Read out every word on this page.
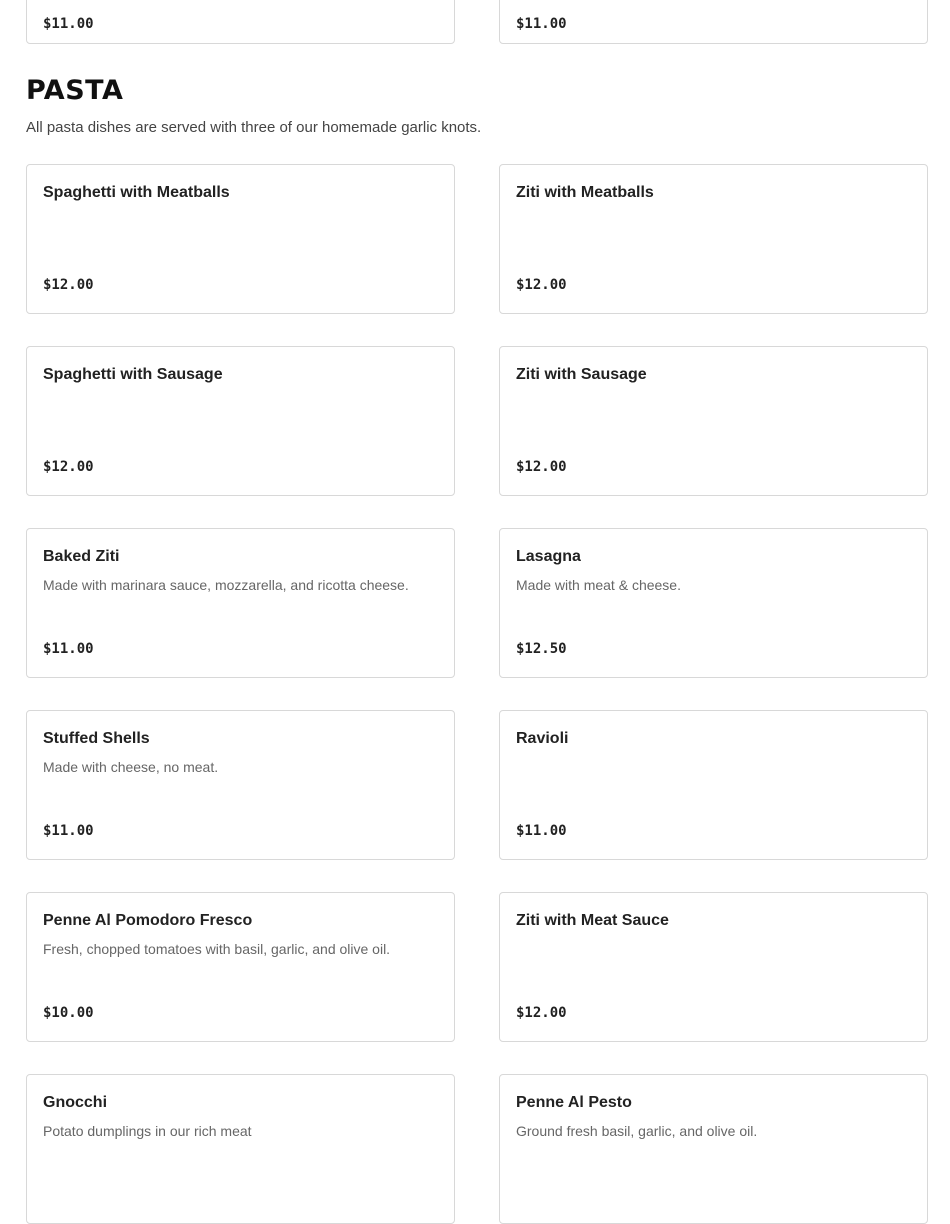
$11.00	$11.00
PASTA

All pasta dishes are served with three of our homemade garlic knots.

Spaghetti with Meatballs
$12.00
Ziti with Meatballs
$12.00
Spaghetti with Sausage
$12.00
Ziti with Sausage
$12.00
Baked Ziti
Made with marinara sauce, mozzarella, and ricotta cheese.
$11.00
Lasagna
Made with meat & cheese.
$12.50
Stuffed Shells
Made with cheese, no meat.
$11.00
Ravioli
$11.00
Penne Al Pomodoro Fresco
Fresh, chopped tomatoes with basil, garlic, and olive oil.
$10.00
Ziti with Meat Sauce
$12.00
Gnocchi
Potato dumplings in our rich meat
Penne Al Pesto
Ground fresh basil, garlic, and olive oil.
